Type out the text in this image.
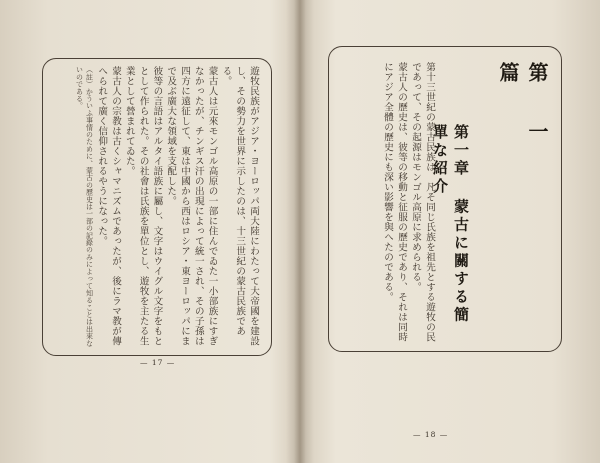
遊牧民族がアジア・ヨーロッパ両大陸にわたって大帝國を建設し、その勢力を世界に示したのは、十三世紀の蒙古民族である。

蒙古人は元來モンゴル高原の一部に住んでゐた一小部族にすぎなかったが、チンギス汗の出現によって統一され、その子孫は四方に遠征して、東は中國から西はロシア・東ヨーロッパにまで及ぶ廣大な領域を支配した。

彼等の言語はアルタイ語族に屬し、文字はウイグル文字をもととして作られた。その社會は氏族を單位とし、遊牧を主たる生業として營まれてゐた。

蒙古人の宗教は古くシャマニズムであったが、後にラマ教が傳へられて廣く信仰されるやうになった。

（註）かういふ事情のために、蒙古の歷史は一部の記錄のみによって知ることは出來ないのである。

— 17 —
第 一 篇
第一章 蒙古に關する簡單な紹介

第十三世紀の蒙古民族は、凡そ同じ氏族を祖先とする遊牧の民であって、その起源はモンゴル高原に求められる。

蒙古人の歷史は、彼等の移動と征服の歷史であり、それは同時にアジア全體の歷史にも深い影響を與へたのである。

— 18 —
